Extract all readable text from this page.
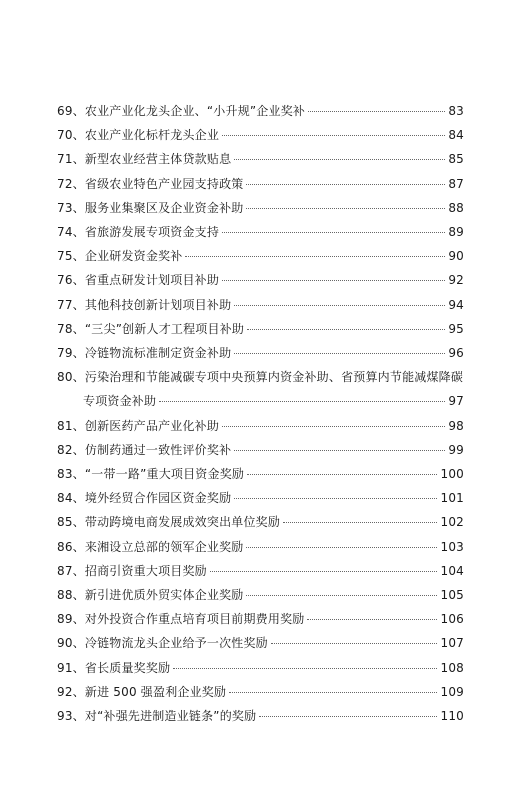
69、 农业产业化龙头企业、“小升规”企业奖补	83
70、 农业产业化标杆龙头企业	84
71、 新型农业经营主体贷款贴息	85
72、 省级农业特色产业园支持政策	87
73、 服务业集聚区及企业资金补助	88
74、 省旅游发展专项资金支持	89
75、 企业研发资金奖补	90
76、 省重点研发计划项目补助	92
77、 其他科技创新计划项目补助	94
78、 “三尖”创新人才工程项目补助	95
79、 冷链物流标准制定资金补助	96
80、 污染治理和节能减碳专项中央预算内资金补助、省预算内节能减煤降碳
专项资金补助	97
81、 创新医药产品产业化补助	98
82、 仿制药通过一致性评价奖补	99
83、 “一带一路”重大项目资金奖励	100
84、 境外经贸合作园区资金奖励	101
85、 带动跨境电商发展成效突出单位奖励	102
86、 来湘设立总部的领军企业奖励	103
87、 招商引资重大项目奖励	104
88、 新引进优质外贸实体企业奖励	105
89、 对外投资合作重点培育项目前期费用奖励	106
90、 冷链物流龙头企业给予一次性奖励	107
91、 省长质量奖奖励	108
92、 新进 500 强盈利企业奖励	109
93、 对“补强先进制造业链条”的奖励	110
